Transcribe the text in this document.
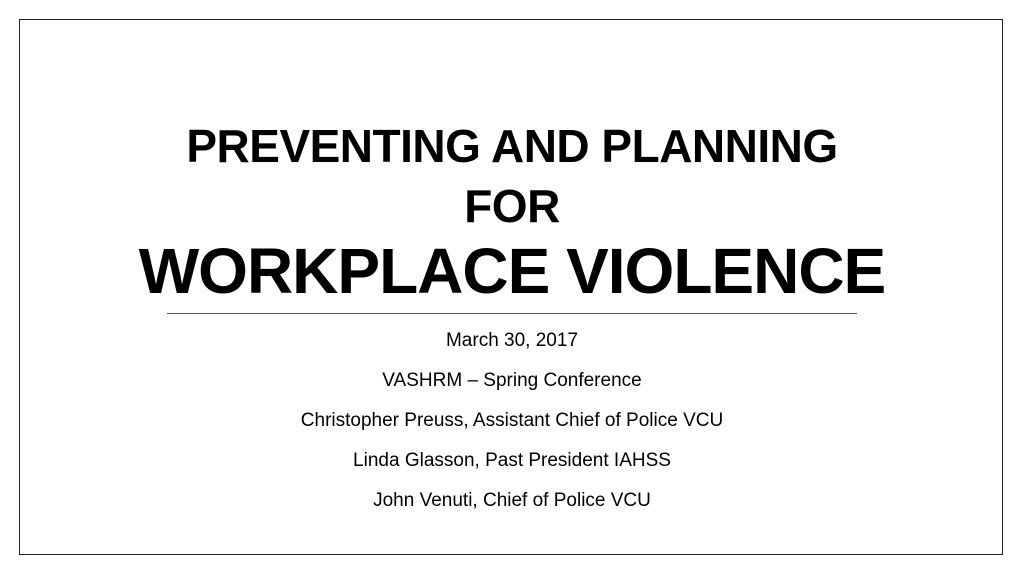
PREVENTING AND PLANNING
FOR
WORKPLACE VIOLENCE
March 30, 2017
VASHRM – Spring Conference
Christopher Preuss, Assistant Chief of Police VCU
Linda Glasson, Past President IAHSS
John Venuti, Chief of Police VCU
